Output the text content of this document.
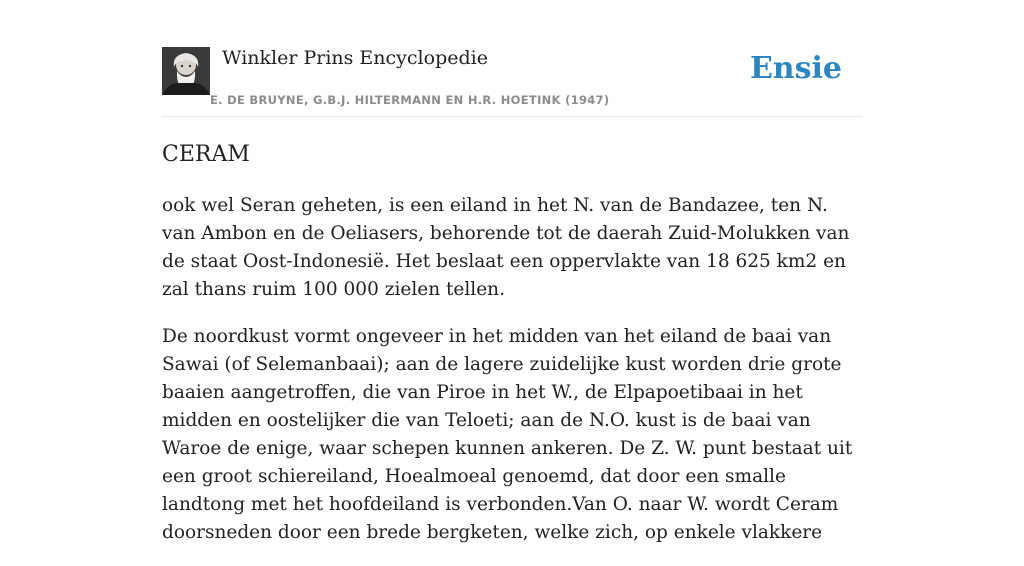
Winkler Prins Encyclopedie
E. DE BRUYNE, G.B.J. HILTERMANN EN H.R. HOETINK (1947)
Ensie
CERAM

ook wel Seran geheten, is een eiland in het N. van de Bandazee, ten N. van Ambon en de Oeliasers, behorende tot de daerah Zuid-Molukken van de staat Oost-Indonesië. Het beslaat een oppervlakte van 18 625 km2 en zal thans ruim 100 000 zielen tellen.

De noordkust vormt ongeveer in het midden van het eiland de baai van Sawai (of Selemanbaai); aan de lagere zuidelijke kust worden drie grote baaien aangetroffen, die van Piroe in het W., de Elpapoetibaai in het midden en oostelijker die van Teloeti; aan de N.O. kust is de baai van Waroe de enige, waar schepen kunnen ankeren. De Z. W. punt bestaat uit een groot schiereiland, Hoealmoeal genoemd, dat door een smalle landtong met het hoofdeiland is verbonden.Van O. naar W. wordt Ceram doorsneden door een brede bergketen, welke zich, op enkele vlakkere
